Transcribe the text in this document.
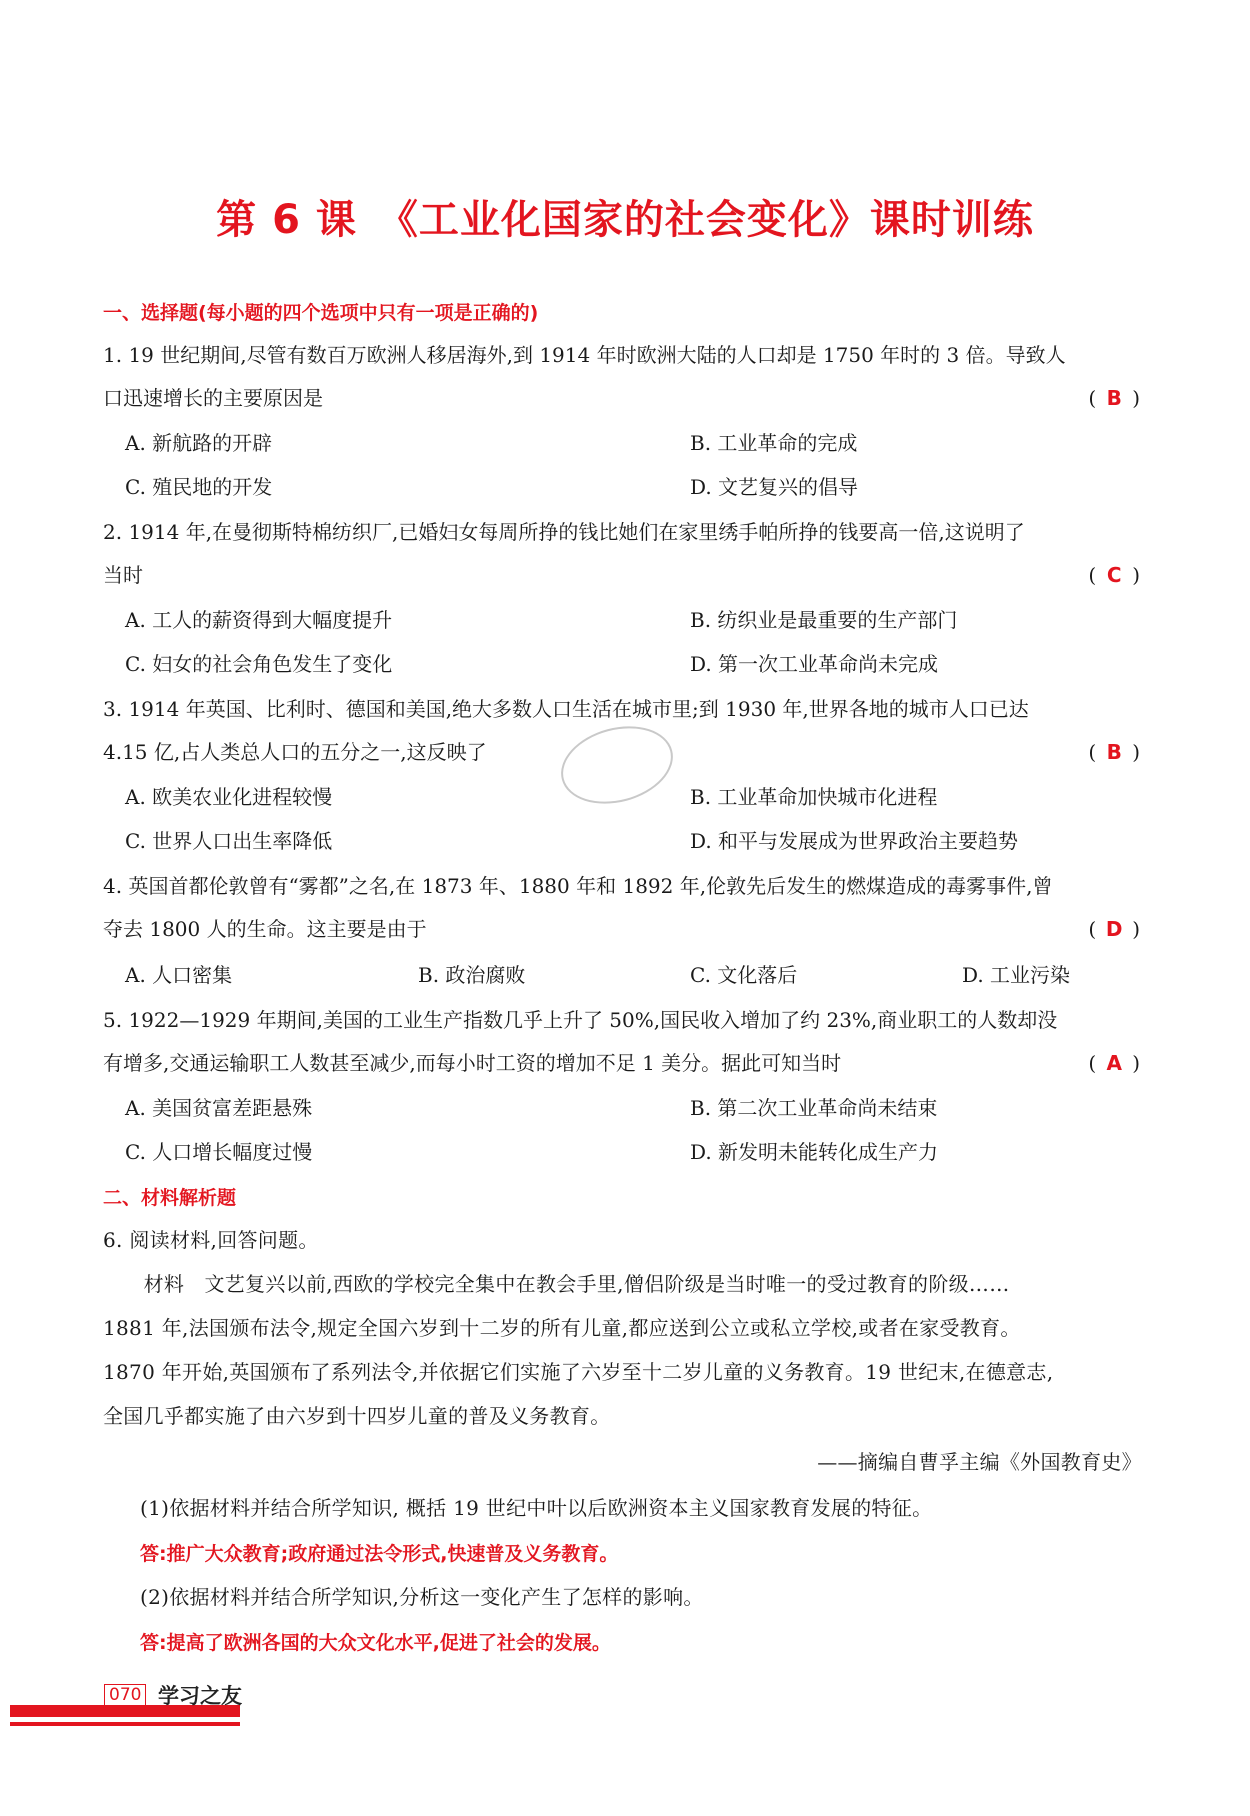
第 6 课　《工业化国家的社会变化》课时训练
一、选择题(每小题的四个选项中只有一项是正确的)
1. 19 世纪期间,尽管有数百万欧洲人移居海外,到 1914 年时欧洲大陆的人口却是 1750 年时的 3 倍。导致人
口迅速增长的主要原因是	( B )
A. 新航路的开辟	B. 工业革命的完成
C. 殖民地的开发	D. 文艺复兴的倡导
2. 1914 年,在曼彻斯特棉纺织厂,已婚妇女每周所挣的钱比她们在家里绣手帕所挣的钱要高一倍,这说明了
当时	( C )
A. 工人的薪资得到大幅度提升	B. 纺织业是最重要的生产部门
C. 妇女的社会角色发生了变化	D. 第一次工业革命尚未完成
3. 1914 年英国、比利时、德国和美国,绝大多数人口生活在城市里;到 1930 年,世界各地的城市人口已达
4.15 亿,占人类总人口的五分之一,这反映了	( B )
A. 欧美农业化进程较慢	B. 工业革命加快城市化进程
C. 世界人口出生率降低	D. 和平与发展成为世界政治主要趋势
4. 英国首都伦敦曾有“雾都”之名,在 1873 年、1880 年和 1892 年,伦敦先后发生的燃煤造成的毒雾事件,曾
夺去 1800 人的生命。这主要是由于	( D )
A. 人口密集	B. 政治腐败	C. 文化落后	D. 工业污染
5. 1922—1929 年期间,美国的工业生产指数几乎上升了 50%,国民收入增加了约 23%,商业职工的人数却没
有增多,交通运输职工人数甚至减少,而每小时工资的增加不足 1 美分。据此可知当时	( A )
A. 美国贫富差距悬殊	B. 第二次工业革命尚未结束
C. 人口增长幅度过慢	D. 新发明未能转化成生产力
二、材料解析题
6. 阅读材料,回答问题。
　　材料　文艺复兴以前,西欧的学校完全集中在教会手里,僧侣阶级是当时唯一的受过教育的阶级……
1881 年,法国颁布法令,规定全国六岁到十二岁的所有儿童,都应送到公立或私立学校,或者在家受教育。
1870 年开始,英国颁布了系列法令,并依据它们实施了六岁至十二岁儿童的义务教育。19 世纪末,在德意志,
全国几乎都实施了由六岁到十四岁儿童的普及义务教育。
——摘编自曹孚主编《外国教育史》
(1)依据材料并结合所学知识, 概括 19 世纪中叶以后欧洲资本主义国家教育发展的特征。
答:推广大众教育;政府通过法令形式,快速普及义务教育。
(2)依据材料并结合所学知识,分析这一变化产生了怎样的影响。
答:提高了欧洲各国的大众文化水平,促进了社会的发展。
070 学习之友
